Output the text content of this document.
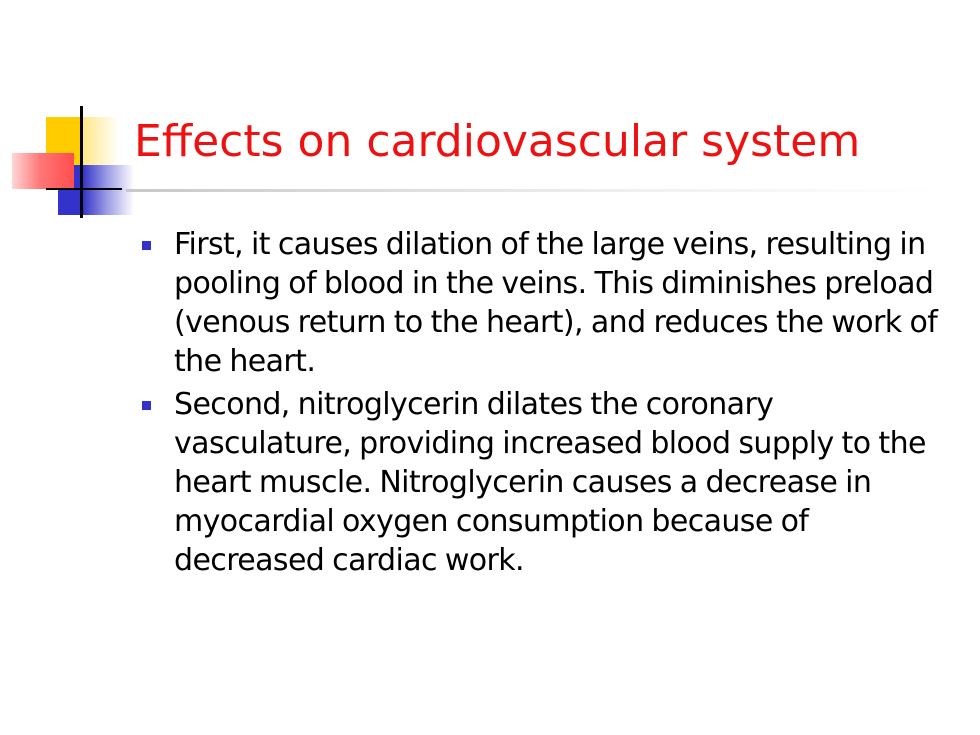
Effects on cardiovascular system
First, it causes dilation of the large veins, resulting in pooling of blood in the veins. This diminishes preload (venous return to the heart), and reduces the work of the heart.
Second, nitroglycerin dilates the coronary vasculature, providing increased blood supply to the heart muscle. Nitroglycerin causes a decrease in myocardial oxygen consumption because of decreased cardiac work.
